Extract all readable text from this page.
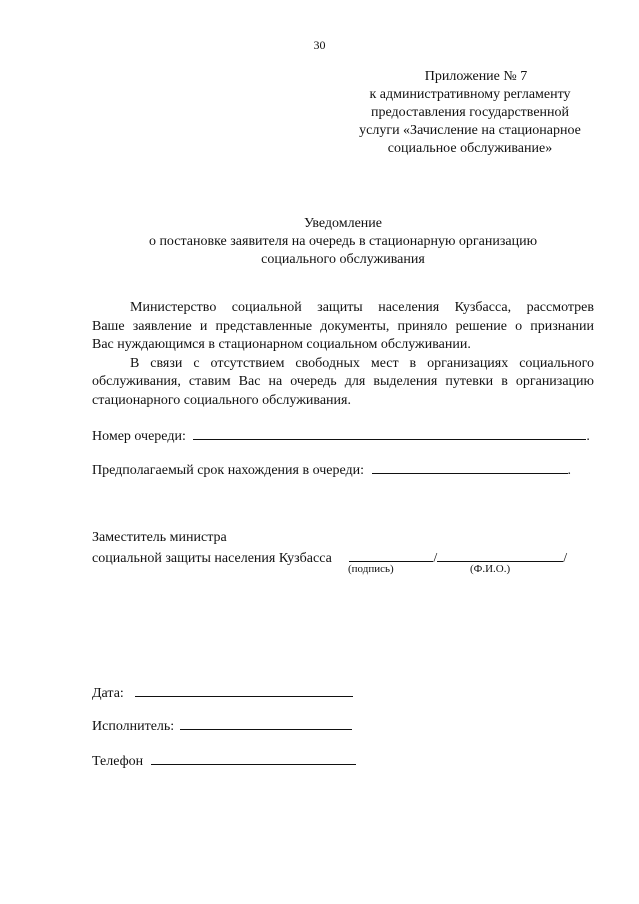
30
Приложение № 7
к административному регламенту
предоставления государственной
услуги «Зачисление на стационарное
социальное обслуживание»
Уведомление
о постановке заявителя на очередь в стационарную организацию
социального обслуживания
Министерство социальной защиты населения Кузбасса, рассмотрев
Ваше заявление и представленные документы, приняло решение о признании
Вас нуждающимся в стационарном социальном обслуживании.
В связи с отсутствием свободных мест в организациях социального
обслуживания, ставим Вас на очередь для выделения путевки в организацию
стационарного социального обслуживания.
Номер очереди:	.
Предполагаемый срок нахождения в очереди:	.
Заместитель министра
социальной защиты населения Кузбасса	/	/
(подпись)	(Ф.И.О.)
Дата:
Исполнитель:
Телефон
